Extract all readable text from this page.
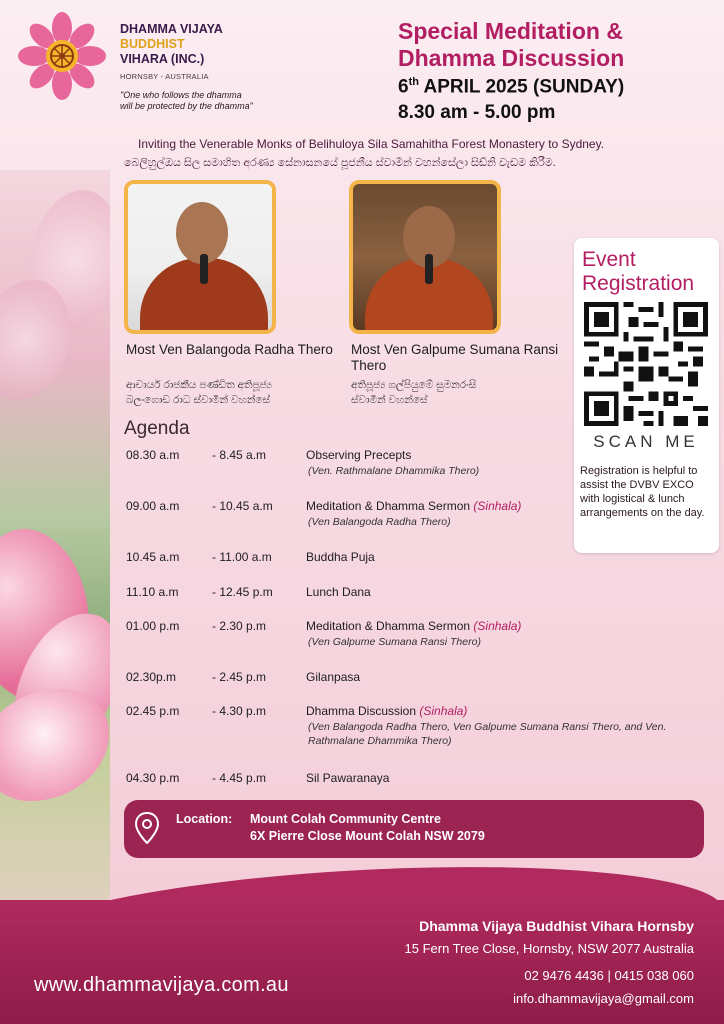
DHAMMA VIJAYA
BUDDHIST
VIHARA (INC.)
HORNSBY - AUSTRALIA
"One who follows the dhamma
will be protected by the dhamma"
Special Meditation &
Dhamma Discussion
6th APRIL 2025 (SUNDAY)
8.30 am - 5.00 pm
Inviting the Venerable Monks of Belihuloya Sila Samahitha Forest Monastery to Sydney.
බෙලිහුල්ඔය සිල සමාහිත අරණ්‍ය සේනාසනයේ පූජනීය ස්වාමීන් වහන්සේලා සිඩ්නි වැඩම කිරීම.
Most Ven Balangoda Radha Thero
ආචාර්ය රාජකීය පණ්ඩිත අතිපූජ්‍ය
බලංගොඩ රාධ ස්වාමීන් වහන්සේ
Most Ven Galpume Sumana Ransi Thero
අතිපූජ්‍ය ගල්පියුමේ සුමනරංසි
ස්වාමීන් වහන්සේ
Event
Registration
SCAN ME
Registration is helpful to assist the DVBV EXCO with logistical & lunch arrangements on the day.
Agenda
08.30 a.m	- 8.45 a.m	Observing Precepts
(Ven. Rathmalane Dhammika Thero)
09.00 a.m	- 10.45 a.m	Meditation & Dhamma Sermon (Sinhala)
(Ven Balangoda Radha Thero)
10.45 a.m	- 11.00 a.m	Buddha Puja
11.10 a.m	- 12.45 p.m	Lunch Dana
01.00 p.m	- 2.30 p.m	Meditation & Dhamma Sermon (Sinhala)
(Ven Galpume Sumana Ransi Thero)
02.30p.m	- 2.45 p.m	Gilanpasa
02.45 p.m	- 4.30 p.m	Dhamma Discussion (Sinhala)
(Ven Balangoda Radha Thero, Ven Galpume Sumana Ransi Thero, and Ven. Rathmalane Dhammika Thero)
04.30 p.m	- 4.45 p.m	Sil Pawaranaya
Location: Mount Colah Community Centre
6X Pierre Close Mount Colah NSW 2079
www.dhammavijaya.com.au
Dhamma Vijaya Buddhist Vihara Hornsby
15 Fern Tree Close, Hornsby, NSW 2077 Australia
02 9476 4436 | 0415 038 060
info.dhammavijaya@gmail.com
